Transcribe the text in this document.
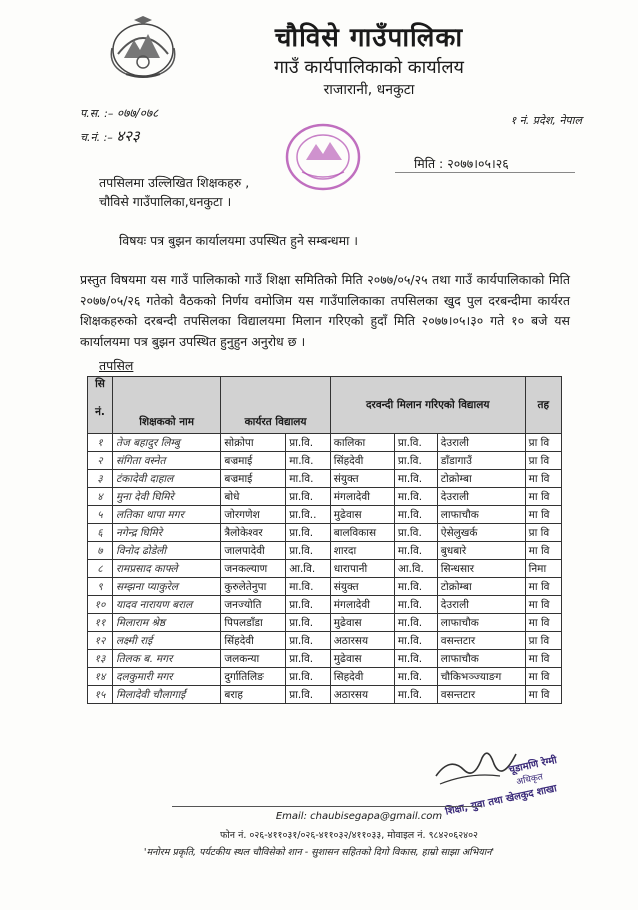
चौविसे गाउँपालिका
गाउँ कार्यपालिकाको कार्यालय
राजारानी, धनकुटा
प.स. :– ०७७/०७८
च.नं. :– ४२३
१ नं. प्रदेश, नेपाल
मिति : २०७७।०५।२६
तपसिलमा उल्लिखित शिक्षकहरु ,
चौविसे गाउँपालिका,धनकुटा ।
विषयः पत्र बुझन कार्यालयमा उपस्थित हुने सम्बन्धमा ।
प्रस्तुत विषयमा यस गाउँ पालिकाको गाउँ शिक्षा समितिको मिति २०७७/०५/२५ तथा गाउँ कार्यपालिकाको मिति २०७७/०५/२६ गतेको वैठकको निर्णय वमोजिम यस गाउँपालिकाका तपसिलका खुद पुल दरबन्दीमा कार्यरत शिक्षकहरुको दरबन्दी तपसिलका विद्यालयमा मिलान गरिएको हुदाँ मिति २०७७।०५।३० गते १० बजे यस कार्यालयमा पत्र बुझन उपस्थित हुनुहुन अनुरोध छ ।
तपसिल
सि
नं.	शिक्षकको नाम	कार्यरत विद्यालय		दरवन्दी मिलान गरिएको विद्यालय			तह
१	तेज बहादुर लिम्बु	सोक्रोपा	प्रा.वि.	कालिका	प्रा.वि.	देउराली	प्रा वि
२	संगिता वस्नेत	बज्रमाई	मा.वि.	सिंहदेवी	प्रा.वि.	डाँडागाउँ	प्रा वि
३	टंकादेवी दाहाल	बज्रमाई	मा.वि.	संयुक्त	मा.वि.	टोक्रोम्बा	मा वि
४	मुना देवी घिमिरे	बोधे	प्रा.वि.	मंगलादेवी	मा.वि.	देउराली	मा वि
५	लतिका थापा मगर	जोरगणेश	प्रा.वि..	मुढेवास	मा.वि.	लाफाचौक	मा वि
६	नगेन्द्र घिमिरे	त्रैलोकेश्वर	प्रा.वि.	बालविकास	प्रा.वि.	ऐसेलुखर्क	प्रा वि
७	विनोद ढोडेली	जालपादेवी	प्रा.वि.	शारदा	मा.वि.	बुधबारे	मा वि
८	रामप्रसाद काफ्ले	जनकल्याण	आ.वि.	धारापानी	आ.वि.	सिन्धसार	निमा
९	सम्झना प्याकुरेल	कुरुलेतेनुपा	मा.वि.	संयुक्त	मा.वि.	टोक्रोम्बा	मा वि
१०	यादव नारायण बराल	जनज्योति	प्रा.वि.	मंगलादेवी	मा.वि.	देउराली	मा वि
११	मिलाराम श्रेष्ठ	पिपलडाँडा	प्रा.वि.	मुढेवास	मा.वि.	लाफाचौक	मा वि
१२	लक्ष्मी राई	सिंहदेवी	प्रा.वि.	अठारसय	मा.वि.	वसन्तटार	प्रा वि
१३	तिलक ब. मगर	जलकन्या	प्रा.वि.	मुढेवास	मा.वि.	लाफाचौक	मा वि
१४	दलकुमारी मगर	दुर्गातिलिङ	प्रा.वि.	सिहदेवी	मा.वि.	चौकिभञ्ज्याङग	मा वि
१५	मिलादेवी चौलागाईं	बराह	प्रा.वि.	अठारसय	मा.वि.	वसन्तटार	मा वि
चूडामणि रेग्मी
अधिकृत
शिक्षा, युवा तथा खेलकुद शाखा
Email: chaubisegapa@gmail.com
फोन नं. ०२६-४११०३१/०२६-४११०३२/४११०३३, मोवाइल नं. ९८४२०६२४०२
'मनोरम प्रकृति, पर्यटकीय स्थल चौविसेको शान - सुशासन सहितको दिगो विकास, हाम्रो साझा अभियान'
